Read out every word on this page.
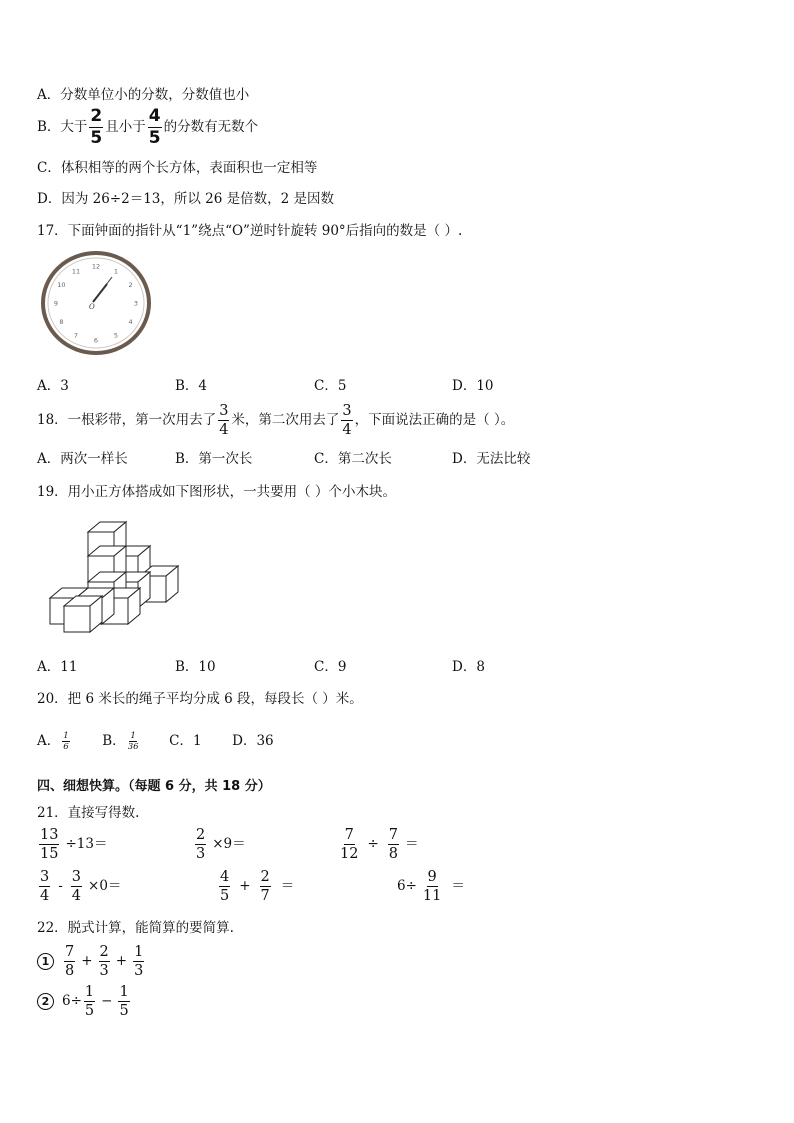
A．分数单位小的分数，分数值也小
B．大于 $\frac{2}{5}$ 且小于 $\frac{4}{5}$ 的分数有无数个
C．体积相等的两个长方体，表面积也一定相等
D．因为 26÷2＝13，所以 26 是倍数，2 是因数
17．下面钟面的指针从“1”绕点“O”逆时针旋转 90°后指向的数是（ ）.
12
1
2
3
4
5
6
7
8
9
10
11
O
A．3	B．4	C．5	D．10
18．一根彩带，第一次用去了 $\frac{3}{4}$ 米，第二次用去了 $\frac{3}{4}$ ，下面说法正确的是（ ）。
A．两次一样长	B．第一次长	C．第二次长	D．无法比较
19．用小正方体搭成如下图形状，一共要用（ ）个小木块。
A．11	B．10	C．9	D．8
20．把 6 米长的绳子平均分成 6 段，每段长（ ）米。
A． $\frac{1}{6}$ B． $\frac{1}{36}$ C．1 D．36
四、细想快算。（每题 6 分，共 18 分）
21．直接写得数.
$\frac{13}{15} \div 13=$	$\frac{2}{3} \times 9=$	$\frac{7}{12} \div \frac{7}{8}$ ＝
$\frac{3}{4} - \frac{3}{4} \times 0=$	$\frac{4}{5} + \frac{2}{7}$ ＝	$6\div \frac{9}{11}$ ＝
22．脱式计算，能简算的要简算.
$1 \frac{7}{8} + \frac{2}{3} + \frac{1}{3}$
2 $6\div \frac{1}{5} - \frac{1}{5}$
